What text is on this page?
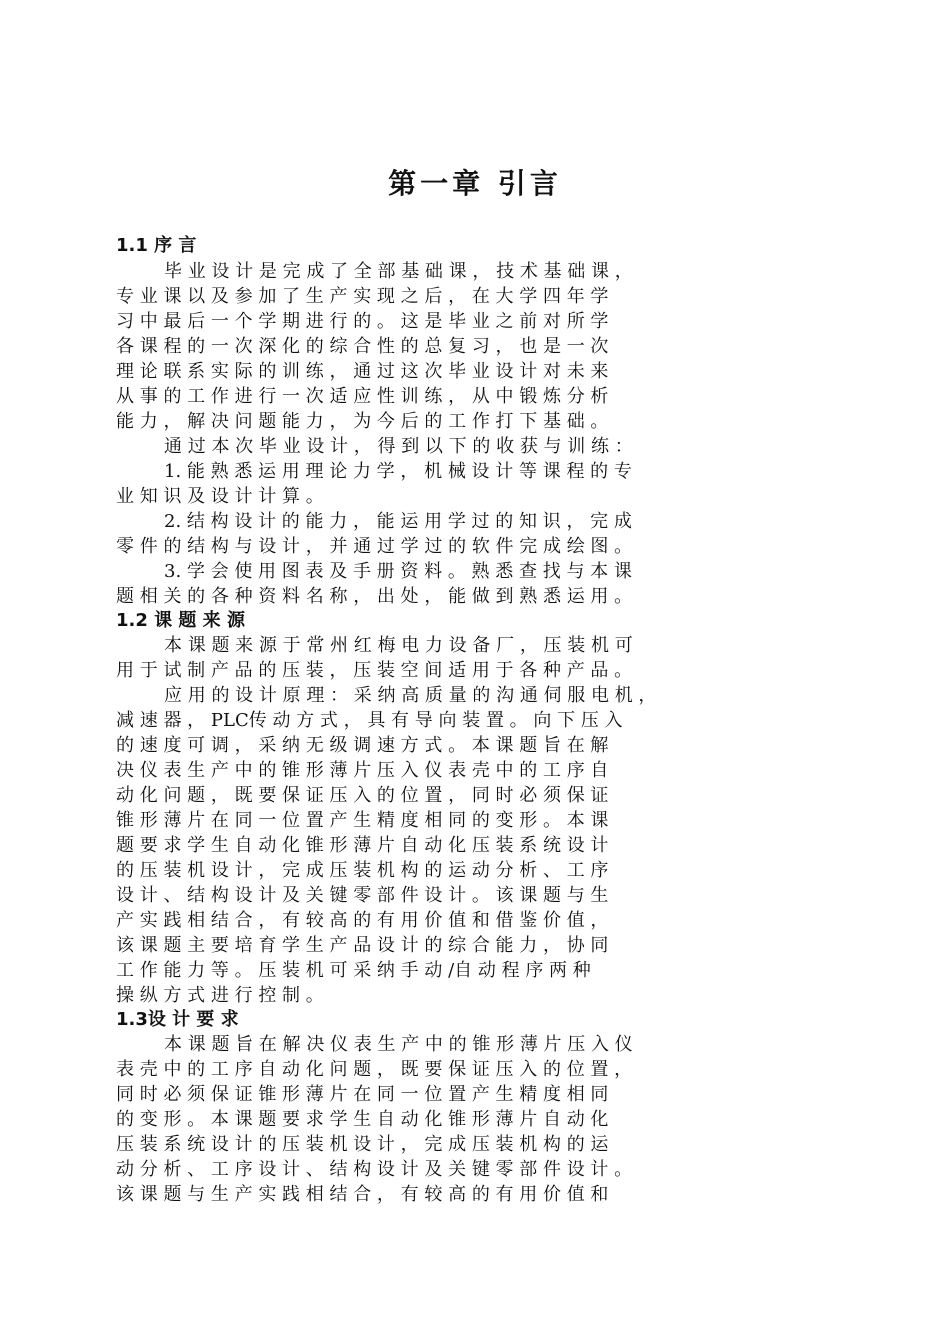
第一章 引言
1.1 序 言

毕 业 设 计 是 完 成 了 全 部 基 础 课 ， 技 术 基 础 课 ，

专 业 课 以 及 参 加 了 生 产 实 现 之 后 ， 在 大 学 四 年 学

习 中 最 后 一 个 学 期 进 行 的 。 这 是 毕 业 之 前 对 所 学

各 课 程 的 一 次 深 化 的 综 合 性 的 总 复 习 ， 也 是 一 次

理 论 联 系 实 际 的 训 练 ， 通 过 这 次 毕 业 设 计 对 未 来

从 事 的 工 作 进 行 一 次 适 应 性 训 练 ， 从 中 锻 炼 分 析

能 力 ， 解 决 问 题 能 力 ， 为 今 后 的 工 作 打 下 基 础 。

通 过 本 次 毕 业 设 计 ， 得 到 以 下 的 收 获 与 训 练 ：

1. 能 熟 悉 运 用 理 论 力 学 ， 机 械 设 计 等 课 程 的 专

业 知 识 及 设 计 计 算 。

2. 结 构 设 计 的 能 力 ， 能 运 用 学 过 的 知 识 ， 完 成

零 件 的 结 构 与 设 计 ， 并 通 过 学 过 的 软 件 完 成 绘 图 。

3. 学 会 使 用 图 表 及 手 册 资 料 。 熟 悉 查 找 与 本 课

题 相 关 的 各 种 资 料 名 称 ， 出 处 ， 能 做 到 熟 悉 运 用 。

1.2 课 题 来 源

本 课 题 来 源 于 常 州 红 梅 电 力 设 备 厂 ， 压 装 机 可

用 于 试 制 产 品 的 压 装 ， 压 装 空 间 适 用 于 各 种 产 品 。

应 用 的 设 计 原 理 ： 采 纳 高 质 量 的 沟 通 伺 服 电 机 ，

减 速 器 ， PLC传 动 方 式 ， 具 有 导 向 装 置 。 向 下 压 入

的 速 度 可 调 ， 采 纳 无 级 调 速 方 式 。 本 课 题 旨 在 解

决 仪 表 生 产 中 的 锥 形 薄 片 压 入 仪 表 壳 中 的 工 序 自

动 化 问 题 ， 既 要 保 证 压 入 的 位 置 ， 同 时 必 须 保 证

锥 形 薄 片 在 同 一 位 置 产 生 精 度 相 同 的 变 形 。 本 课

题 要 求 学 生 自 动 化 锥 形 薄 片 自 动 化 压 装 系 统 设 计

的 压 装 机 设 计 ， 完 成 压 装 机 构 的 运 动 分 析 、 工 序

设 计 、 结 构 设 计 及 关 键 零 部 件 设 计 。 该 课 题 与 生

产 实 践 相 结 合 ， 有 较 高 的 有 用 价 值 和 借 鉴 价 值 ，

该 课 题 主 要 培 育 学 生 产 品 设 计 的 综 合 能 力 ， 协 同

工 作 能 力 等 。 压 装 机 可 采 纳 手 动 /自 动 程 序 两 种

操 纵 方 式 进 行 控 制 。

1.3设 计 要 求

本 课 题 旨 在 解 决 仪 表 生 产 中 的 锥 形 薄 片 压 入 仪

表 壳 中 的 工 序 自 动 化 问 题 ， 既 要 保 证 压 入 的 位 置 ，

同 时 必 须 保 证 锥 形 薄 片 在 同 一 位 置 产 生 精 度 相 同

的 变 形 。 本 课 题 要 求 学 生 自 动 化 锥 形 薄 片 自 动 化

压 装 系 统 设 计 的 压 装 机 设 计 ， 完 成 压 装 机 构 的 运

动 分 析 、 工 序 设 计 、 结 构 设 计 及 关 键 零 部 件 设 计 。

该 课 题 与 生 产 实 践 相 结 合 ， 有 较 高 的 有 用 价 值 和
